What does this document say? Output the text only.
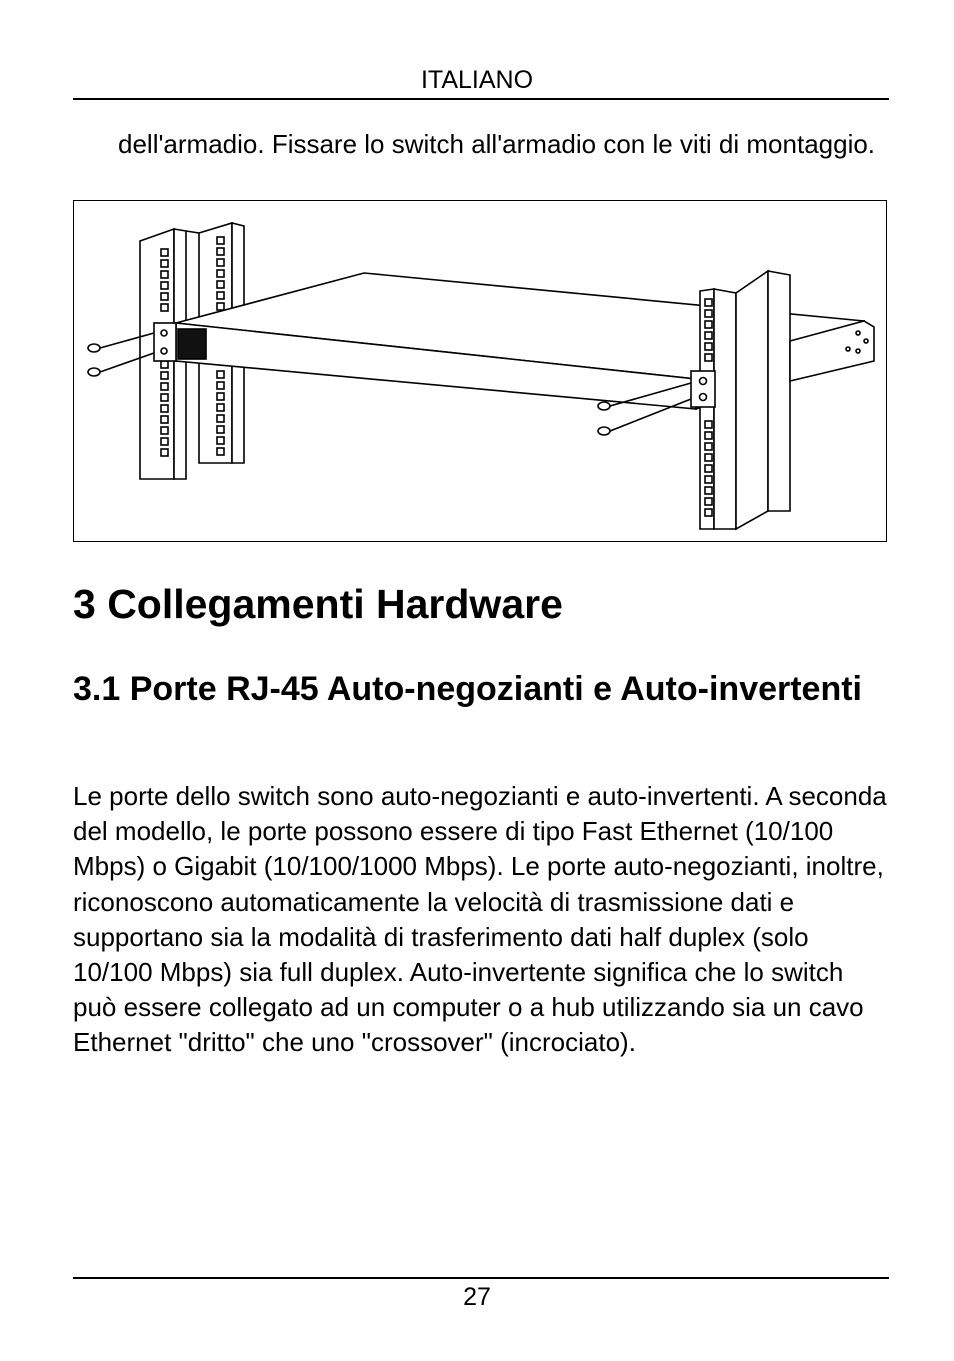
ITALIANO

dell'armadio. Fissare lo switch all'armadio con le viti di montaggio.

3 Collegamenti Hardware
3.1 Porte RJ-45 Auto-negozianti e Auto-invertenti

Le porte dello switch sono auto-negozianti e auto-invertenti. A seconda del modello, le porte possono essere di tipo Fast Ethernet (10/100 Mbps) o Gigabit (10/100/1000 Mbps). Le porte auto-negozianti, inoltre, riconoscono automaticamente la velocità di trasmissione dati e supportano sia la modalità di trasferimento dati half duplex (solo 10/100 Mbps) sia full duplex. Auto-invertente significa che lo switch può essere collegato ad un computer o a hub utilizzando sia un cavo Ethernet "dritto" che uno "crossover" (incrociato).

27
